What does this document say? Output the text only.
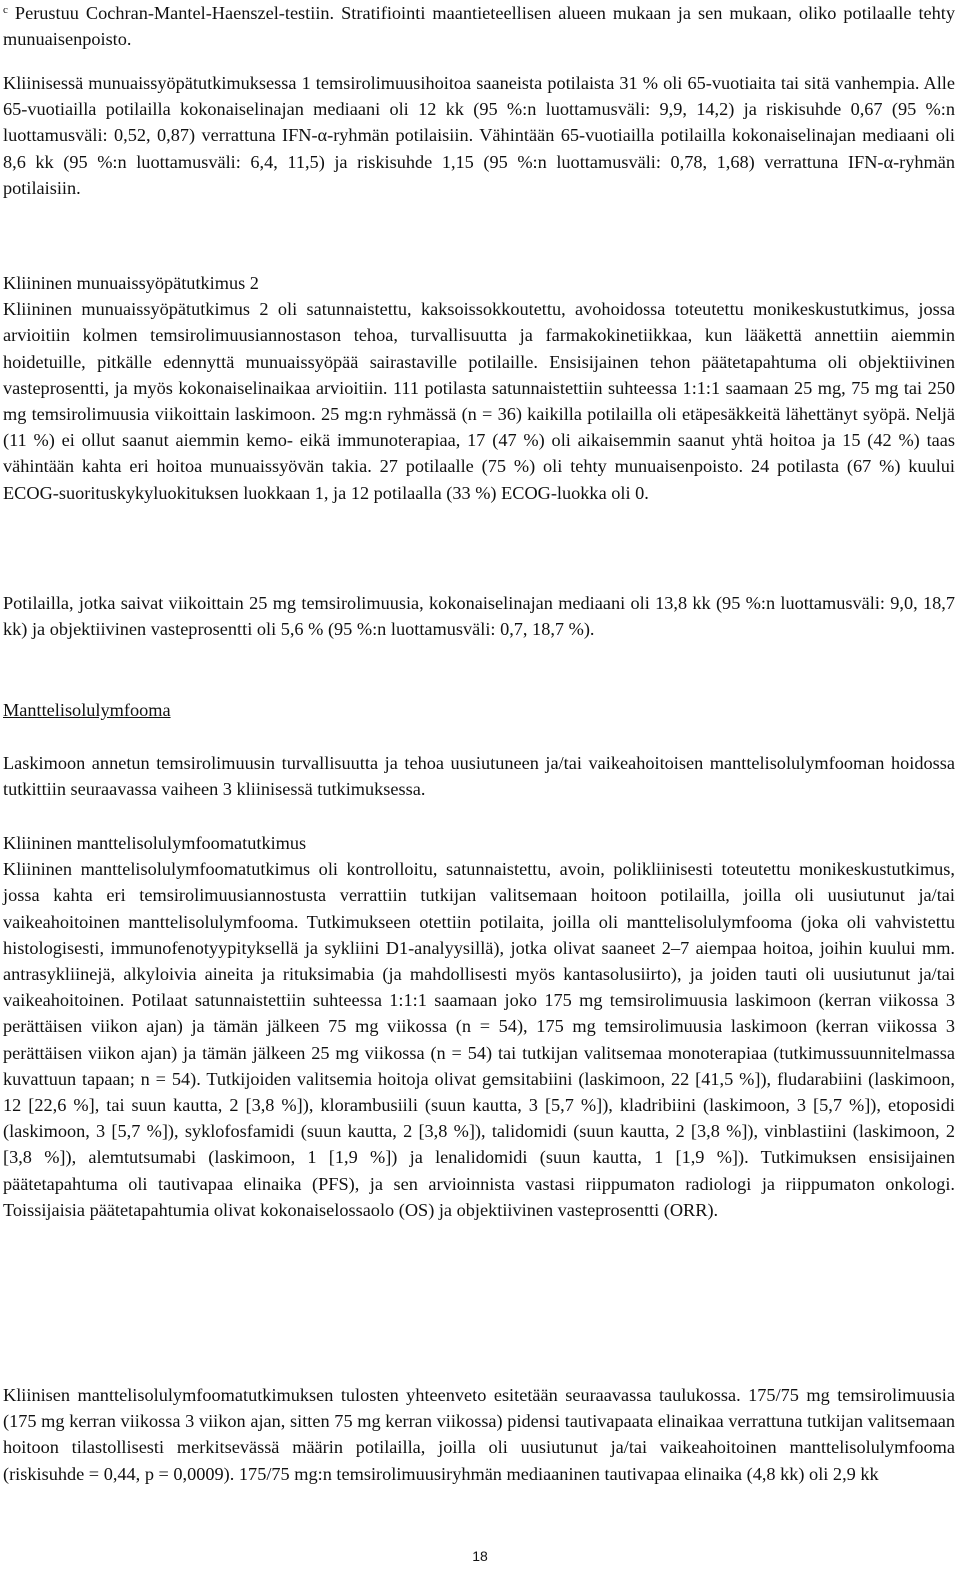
$^c$ Perustuu Cochran-Mantel-Haenszel-testiin. Stratifiointi maantieteellisen alueen mukaan ja sen mukaan, oliko potilaalle tehty munuaisenpoisto.

Kliinisessä munuaissyöpätutkimuksessa 1 temsirolimuusihoitoa saaneista potilaista 31 % oli 65-vuotiaita tai sitä vanhempia. Alle 65-vuotiailla potilailla kokonaiselinajan mediaani oli 12 kk (95 %:n luottamusväli: 9,9, 14,2) ja riskisuhde 0,67 (95 %:n luottamusväli: 0,52, 0,87) verrattuna IFN-α-ryhmän potilaisiin. Vähintään 65-vuotiailla potilailla kokonaiselinajan mediaani oli 8,6 kk (95 %:n luottamusväli: 6,4, 11,5) ja riskisuhde 1,15 (95 %:n luottamusväli: 0,78, 1,68) verrattuna IFN-α-ryhmän potilaisiin.

Kliininen munuaissyöpätutkimus 2

Kliininen munuaissyöpätutkimus 2 oli satunnaistettu, kaksoissokkoutettu, avohoidossa toteutettu monikeskustutkimus, jossa arvioitiin kolmen temsirolimuusiannostason tehoa, turvallisuutta ja farmakokinetiikkaa, kun lääkettä annettiin aiemmin hoidetuille, pitkälle edennyttä munuaissyöpää sairastaville potilaille. Ensisijainen tehon päätetapahtuma oli objektiivinen vasteprosentti, ja myös kokonaiselinaikaa arvioitiin. 111 potilasta satunnaistettiin suhteessa 1:1:1 saamaan 25 mg, 75 mg tai 250 mg temsirolimuusia viikoittain laskimoon. 25 mg:n ryhmässä (n = 36) kaikilla potilailla oli etäpesäkkeitä lähettänyt syöpä. Neljä (11 %) ei ollut saanut aiemmin kemo- eikä immunoterapiaa, 17 (47 %) oli aikaisemmin saanut yhtä hoitoa ja 15 (42 %) taas vähintään kahta eri hoitoa munuaissyövän takia. 27 potilaalle (75 %) oli tehty munuaisenpoisto. 24 potilasta (67 %) kuului ECOG-suorituskykyluokituksen luokkaan 1, ja 12 potilaalla (33 %) ECOG-luokka oli 0.

Potilailla, jotka saivat viikoittain 25 mg temsirolimuusia, kokonaiselinajan mediaani oli 13,8 kk (95 %:n luottamusväli: 9,0, 18,7 kk) ja objektiivinen vasteprosentti oli 5,6 % (95 %:n luottamusväli: 0,7, 18,7 %).

Manttelisolulymfooma

Laskimoon annetun temsirolimuusin turvallisuutta ja tehoa uusiutuneen ja/tai vaikeahoitoisen manttelisolulymfooman hoidossa tutkittiin seuraavassa vaiheen 3 kliinisessä tutkimuksessa.

Kliininen manttelisolulymfoomatutkimus

Kliininen manttelisolulymfoomatutkimus oli kontrolloitu, satunnaistettu, avoin, polikliinisesti toteutettu monikeskustutkimus, jossa kahta eri temsirolimuusiannostusta verrattiin tutkijan valitsemaan hoitoon potilailla, joilla oli uusiutunut ja/tai vaikeahoitoinen manttelisolulymfooma. Tutkimukseen otettiin potilaita, joilla oli manttelisolulymfooma (joka oli vahvistettu histologisesti, immunofenotyypityksellä ja sykliini D1-analyysillä), jotka olivat saaneet 2–7 aiempaa hoitoa, joihin kuului mm. antrasykliinejä, alkyloivia aineita ja rituksimabia (ja mahdollisesti myös kantasolusiirto), ja joiden tauti oli uusiutunut ja/tai vaikeahoitoinen. Potilaat satunnaistettiin suhteessa 1:1:1 saamaan joko 175 mg temsirolimuusia laskimoon (kerran viikossa 3 perättäisen viikon ajan) ja tämän jälkeen 75 mg viikossa (n = 54), 175 mg temsirolimuusia laskimoon (kerran viikossa 3 perättäisen viikon ajan) ja tämän jälkeen 25 mg viikossa (n = 54) tai tutkijan valitsemaa monoterapiaa (tutkimussuunnitelmassa kuvattuun tapaan; n = 54). Tutkijoiden valitsemia hoitoja olivat gemsitabiini (laskimoon, 22 [41,5 %]), fludarabiini (laskimoon, 12 [22,6 %], tai suun kautta, 2 [3,8 %]), klorambusiili (suun kautta, 3 [5,7 %]), kladribiini (laskimoon, 3 [5,7 %]), etoposidi (laskimoon, 3 [5,7 %]), syklofosfamidi (suun kautta, 2 [3,8 %]), talidomidi (suun kautta, 2 [3,8 %]), vinblastiini (laskimoon, 2 [3,8 %]), alemtutsumabi (laskimoon, 1 [1,9 %]) ja lenalidomidi (suun kautta, 1 [1,9 %]). Tutkimuksen ensisijainen päätetapahtuma oli tautivapaa elinaika (PFS), ja sen arvioinnista vastasi riippumaton radiologi ja riippumaton onkologi. Toissijaisia päätetapahtumia olivat kokonaiselossaolo (OS) ja objektiivinen vasteprosentti (ORR).

Kliinisen manttelisolulymfoomatutkimuksen tulosten yhteenveto esitetään seuraavassa taulukossa. 175/75 mg temsirolimuusia (175 mg kerran viikossa 3 viikon ajan, sitten 75 mg kerran viikossa) pidensi tautivapaata elinaikaa verrattuna tutkijan valitsemaan hoitoon tilastollisesti merkitsevässä määrin potilailla, joilla oli uusiutunut ja/tai vaikeahoitoinen manttelisolulymfooma (riskisuhde = 0,44, p = 0,0009). 175/75 mg:n temsirolimuusiryhmän mediaaninen tautivapaa elinaika (4,8 kk) oli 2,9 kk

18
